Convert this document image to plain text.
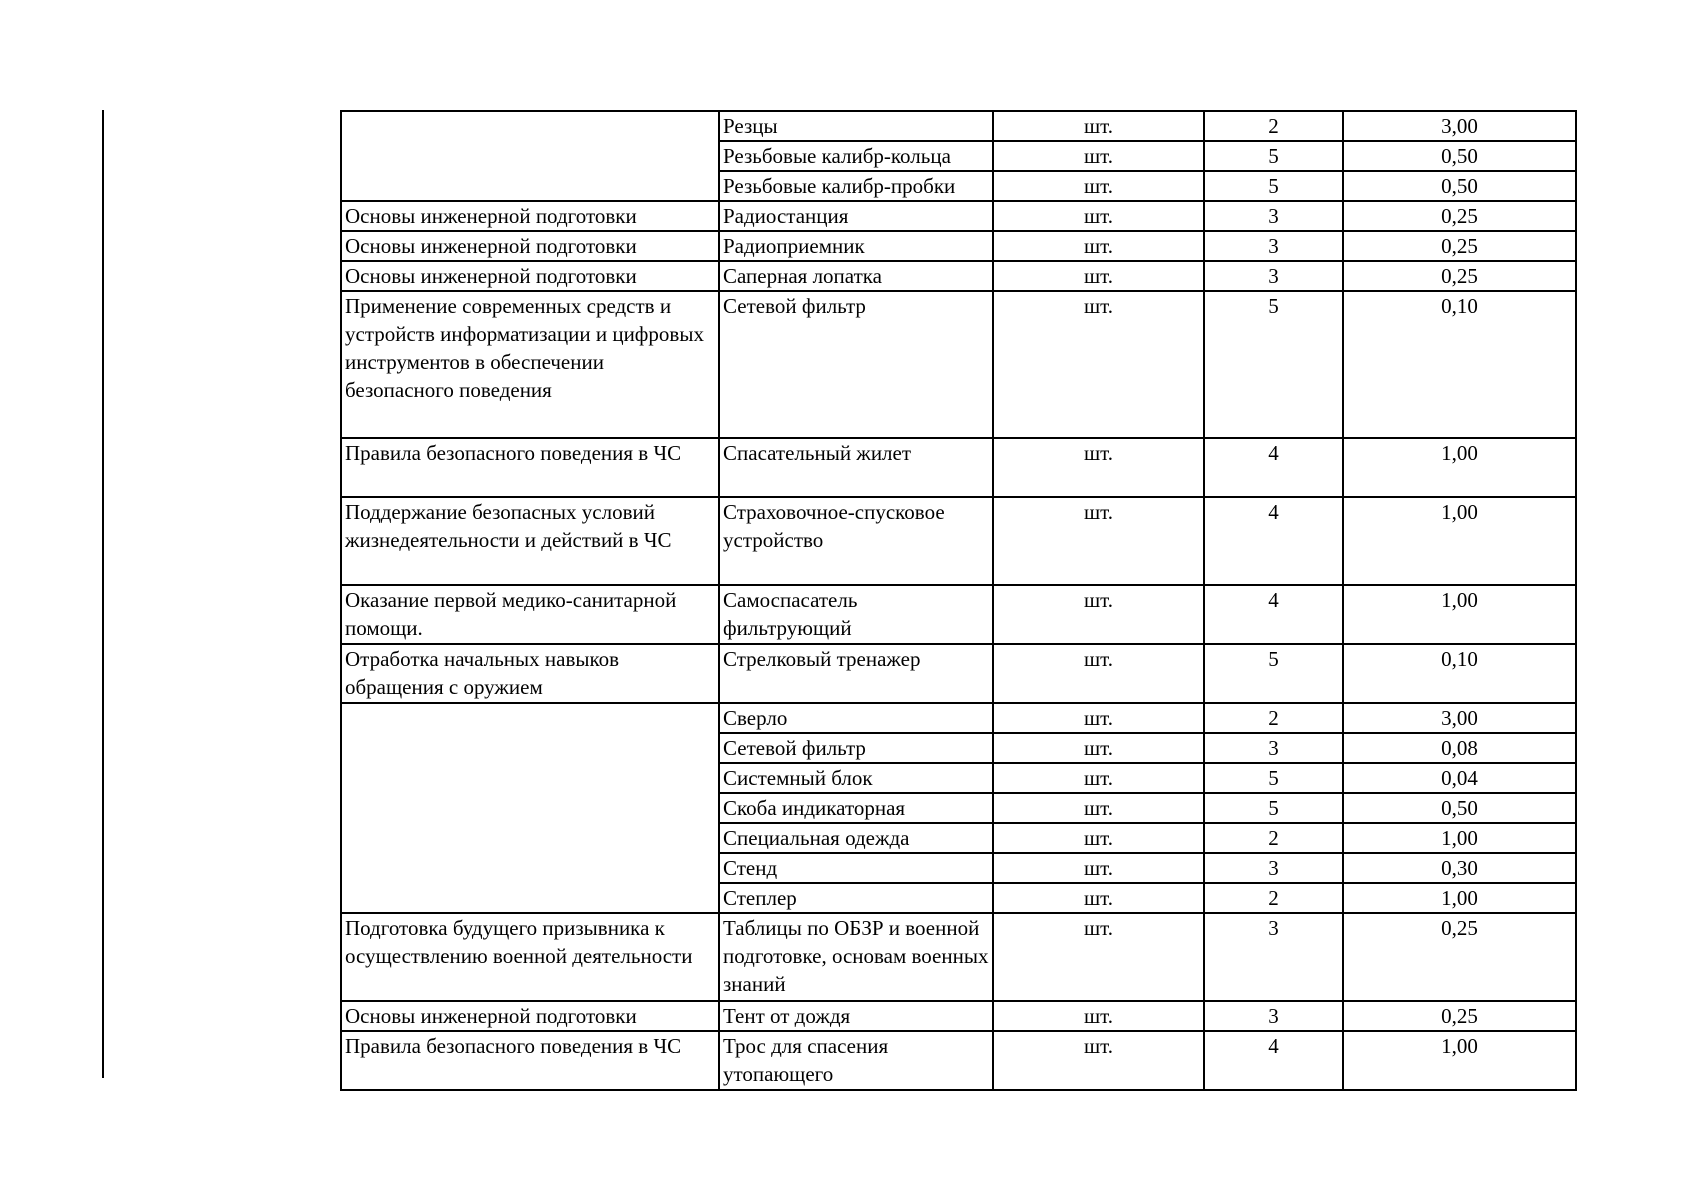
	Резцы	шт.	2	3,00
	Резьбовые калибр-кольца	шт.	5	0,50
	Резьбовые калибр-пробки	шт.	5	0,50
Основы инженерной подготовки	Радиостанция	шт.	3	0,25
Основы инженерной подготовки	Радиоприемник	шт.	3	0,25
Основы инженерной подготовки	Саперная лопатка	шт.	3	0,25
Применение современных средств и устройств информатизации и цифровых инструментов в обеспечении безопасного поведения	Сетевой фильтр	шт.	5	0,10
Правила безопасного поведения в ЧС	Спасательный жилет	шт.	4	1,00
Поддержание безопасных условий жизнедеятельности и действий в ЧС	Страховочное-спусковое устройство	шт.	4	1,00
Оказание первой медико-санитарной помощи.	Самоспасатель фильтрующий	шт.	4	1,00
Отработка начальных навыков обращения с оружием	Стрелковый тренажер	шт.	5	0,10
	Сверло	шт.	2	3,00
	Сетевой фильтр	шт.	3	0,08
	Системный блок	шт.	5	0,04
	Скоба индикаторная	шт.	5	0,50
	Специальная одежда	шт.	2	1,00
	Стенд	шт.	3	0,30
	Степлер	шт.	2	1,00
Подготовка будущего призывника к осуществлению военной деятельности	Таблицы по ОБЗР и военной подготовке, основам военных знаний	шт.	3	0,25
Основы инженерной подготовки	Тент от дождя	шт.	3	0,25
Правила безопасного поведения в ЧС	Трос для спасения утопающего	шт.	4	1,00
